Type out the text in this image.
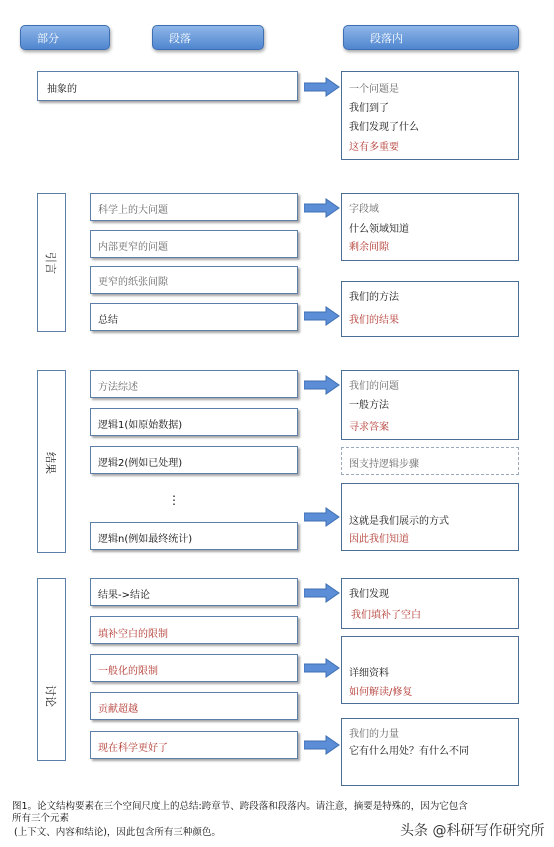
部分	段落	段落内
抽象的	一个问题是
我们到了
我们发现了什么
这有多重要
引言
科学上的大问题
内部更窄的问题
更窄的纸张间隙
总结
字段域
什么领域知道
剩余间隙
我们的方法
我们的结果
结果
方法综述
逻辑1(如原始数据)
逻辑2(例如已处理)
⋮
逻辑n(例如最终统计)
我们的问题
一般方法
寻求答案
图支持逻辑步骤
这就是我们展示的方式
因此我们知道
讨论
结果->结论
填补空白的限制
一般化的限制
贡献超越
现在科学更好了
我们发现
我们填补了空白
详细资料
如何解读/修复
我们的力量
它有什么用处？有什么不同
图1。论文结构要素在三个空间尺度上的总结:跨章节、跨段落和段落内。请注意，摘要是特殊的，因为它包含
所有三个元素
(上下文、内容和结论)，因此包含所有三种颜色。	头条 @科研写作研究所
